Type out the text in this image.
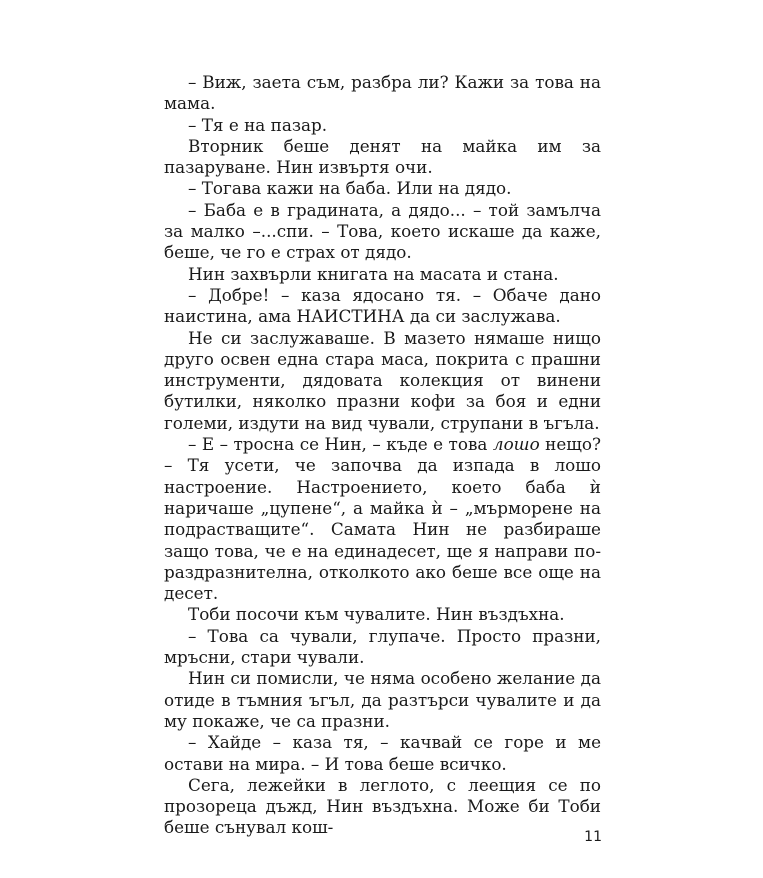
– Виж, заета съм, разбра ли? Кажи за това на мама.

– Тя е на пазар.

Вторник беше денят на майка им за пазаруване. Нин извъртя очи.

– Тогава кажи на баба. Или на дядо.

– Баба е в градината, а дядо... – той замълча за малко –...спи. – Това, което искаше да каже, беше, че го е страх от дядо.

Нин захвърли книгата на масата и стана.

– Добре! – каза ядосано тя. – Обаче дано наистина, ама НАИСТИНА да си заслужава.

Не си заслужаваше. В мазето нямаше нищо друго освен една стара маса, покрита с прашни инструменти, дядовата колекция от винени бутилки, няколко празни кофи за боя и едни големи, издути на вид чували, струпани в ъгъла.

– Е – тросна се Нин, – къде е това лошо нещо? – Тя усети, че започва да изпада в лошо настроение. Настроението, което баба ѝ наричаше „цупене“, а майка ѝ – „мърморене на подрастващите“. Самата Нин не разбираше защо това, че е на единадесет, ще я направи по-раздразнителна, отколкото ако беше все още на десет.

Тоби посочи към чувалите. Нин въздъхна.

– Това са чували, глупаче. Просто празни, мръсни, стари чували.

Нин си помисли, че няма особено желание да отиде в тъмния ъгъл, да разтърси чувалите и да му покаже, че са празни.

– Хайде – каза тя, – качвай се горе и ме остави на мира. – И това беше всичко.

Сега, лежейки в леглото, с леещия се по прозореца дъжд, Нин въздъхна. Може би Тоби беше сънувал кош-	11
